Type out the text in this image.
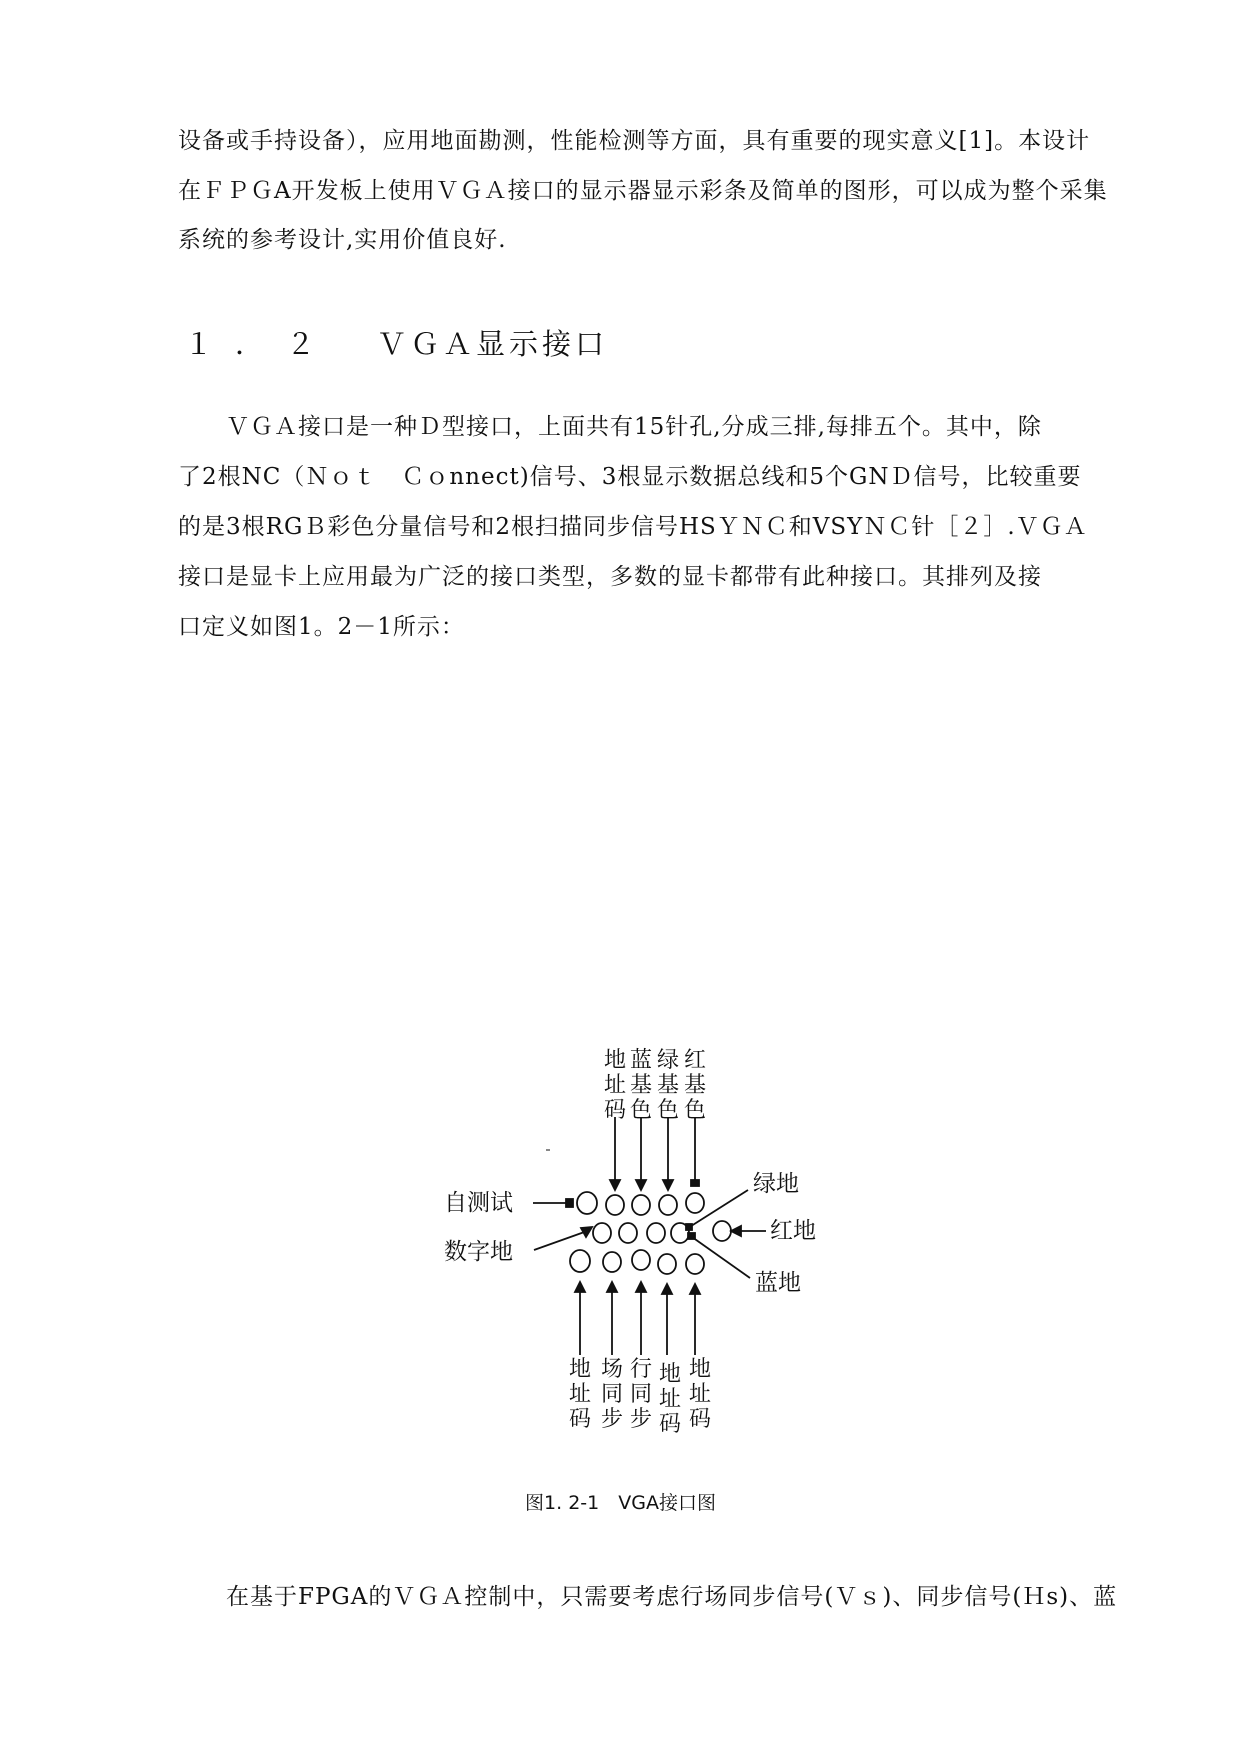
设备或手持设备），应用地面勘测，性能检测等方面，具有重要的现实意义[1]。本设计
在ＦＰＧA开发板上使用ＶＧＡ接口的显示器显示彩条及简单的图形，可以成为整个采集
系统的参考设计,实用价值良好.
１．２ ＶＧＡ显示接口
ＶＧＡ接口是一种Ｄ型接口，上面共有15针孔,分成三排,每排五个。其中，除
了2根NC（Ｎｏｔ　Ｃｏnnect)信号、3根显示数据总线和5个GNＤ信号，比较重要
的是3根RGＢ彩色分量信号和2根扫描同步信号HSＹＮＣ和VSYＮＣ针［２］.ＶＧＡ
接口是显卡上应用最为广泛的接口类型，多数的显卡都带有此种接口。其排列及接
口定义如图1。2－1所示：
地
址
码
蓝
基
色
绿
基
色
红
基
色
地
址
码
场
同
步
行
同
步
地
址
码
地
址
码
自测试
数字地
绿地
红地
蓝地

图1. 2-1　VGA接口图

在基于FPGA的ＶＧＡ控制中，只需要考虑行场同步信号(Ｖｓ)、同步信号(Ｈs)、蓝
